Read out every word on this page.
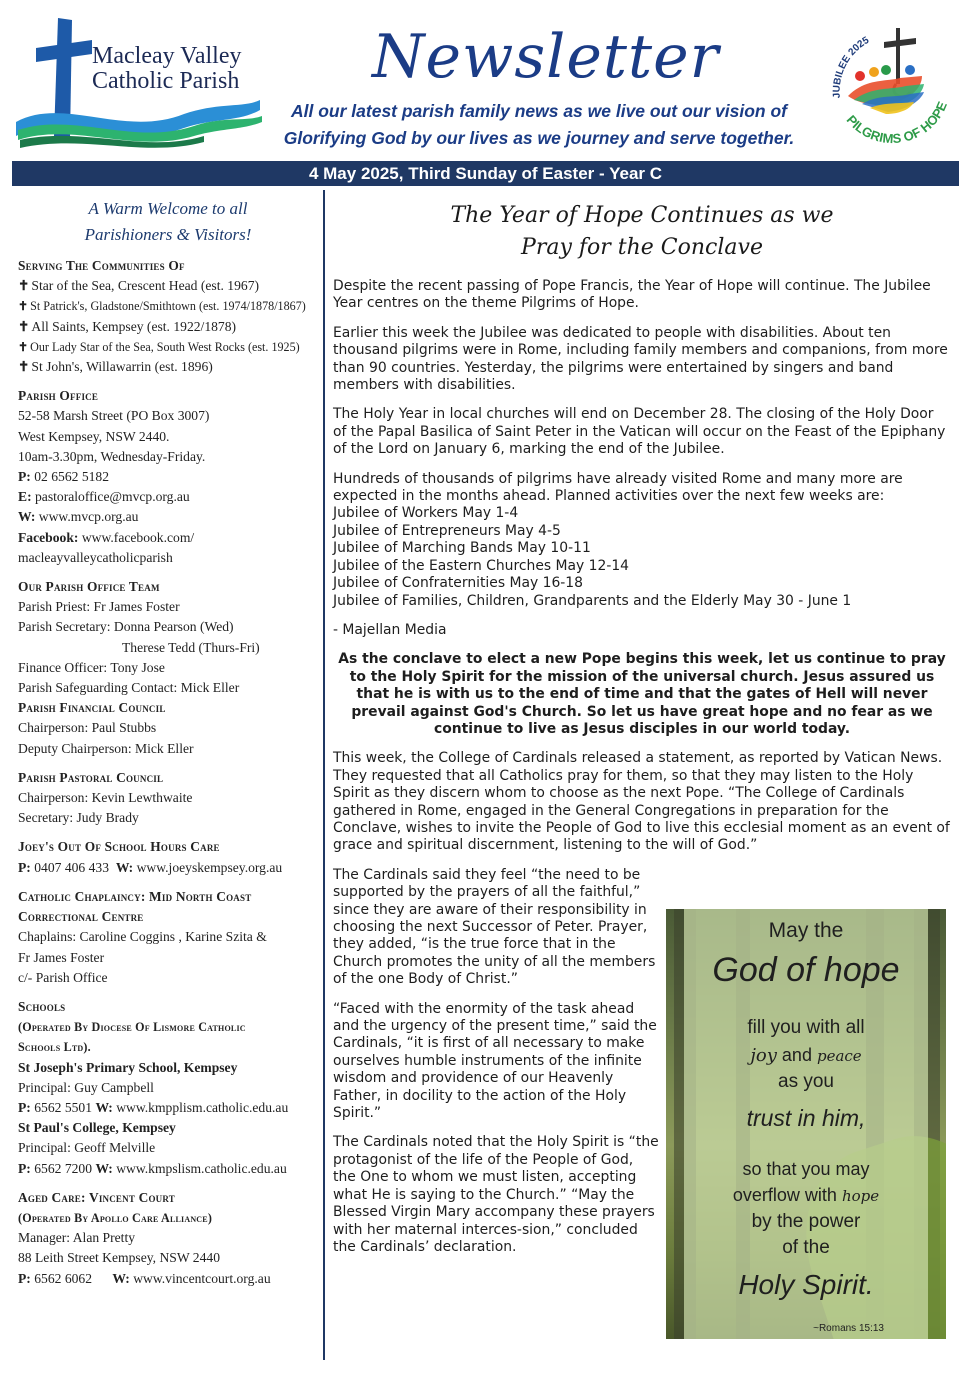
Macleay Valley
Catholic Parish Newsletter
All our latest parish family news as we live out our vision of
Glorifying God by our lives as we journey and serve together.
JUBILEE 2025
PILGRIMS OF HOPE
4 May 2025, Third Sunday of Easter - Year C
A Warm Welcome to all
Parishioners & Visitors!
Serving The Communities Of
✝ Star of the Sea, Crescent Head (est. 1967)
✝ St Patrick's, Gladstone/Smithtown (est. 1974/1878/1867)
✝ All Saints, Kempsey (est. 1922/1878)
✝ Our Lady Star of the Sea, South West Rocks (est. 1925)
✝ St John's, Willawarrin (est. 1896)
Parish Office
52-58 Marsh Street (PO Box 3007)
West Kempsey, NSW 2440.
10am-3.30pm, Wednesday-Friday.
P: 02 6562 5182
E: pastoraloffice@mvcp.org.au
W: www.mvcp.org.au
Facebook: www.facebook.com/
macleayvalleycatholicparish
Our Parish Office Team
Parish Priest: Fr James Foster
Parish Secretary: Donna Pearson (Wed)
Therese Tedd (Thurs-Fri)
Finance Officer: Tony Jose
Parish Safeguarding Contact: Mick Eller
Parish Financial Council
Chairperson: Paul Stubbs
Deputy Chairperson: Mick Eller
Parish Pastoral Council
Chairperson: Kevin Lewthwaite
Secretary: Judy Brady
Joey's Out Of School Hours Care
P: 0407 406 433 W: www.joeyskempsey.org.au
Catholic Chaplaincy: Mid North Coast
Correctional Centre
Chaplains: Caroline Coggins , Karine Szita &
Fr James Foster
c/- Parish Office
Schools
(Operated By Diocese Of Lismore Catholic
Schools Ltd).
St Joseph's Primary School, Kempsey
Principal: Guy Campbell
P: 6562 5501 W: www.kmpplism.catholic.edu.au
St Paul's College, Kempsey
Principal: Geoff Melville
P: 6562 7200 W: www.kmpslism.catholic.edu.au
Aged Care: Vincent Court
(Operated By Apollo Care Alliance)
Manager: Alan Pretty
88 Leith Street Kempsey, NSW 2440
P: 6562 6062 W: www.vincentcourt.org.au
The Year of Hope Continues as we
Pray for the Conclave

Despite the recent passing of Pope Francis, the Year of Hope will continue. The Jubilee Year centres on the theme Pilgrims of Hope.

Earlier this week the Jubilee was dedicated to people with disabilities. About ten thousand pilgrims were in Rome, including family members and companions, from more than 90 countries. Yesterday, the pilgrims were entertained by singers and band members with disabilities.

The Holy Year in local churches will end on December 28. The closing of the Holy Door of the Papal Basilica of Saint Peter in the Vatican will occur on the Feast of the Epiphany of the Lord on January 6, marking the end of the Jubilee.

Hundreds of thousands of pilgrims have already visited Rome and many more are expected in the months ahead. Planned activities over the next few weeks are:

Jubilee of Workers May 1-4
Jubilee of Entrepreneurs May 4-5
Jubilee of Marching Bands May 10-11
Jubilee of the Eastern Churches May 12-14
Jubilee of Confraternities May 16-18
Jubilee of Families, Children, Grandparents and the Elderly May 30 - June 1

- Majellan Media

As the conclave to elect a new Pope begins this week, let us continue to pray to the Holy Spirit for the mission of the universal church. Jesus assured us that he is with us to the end of time and that the gates of Hell will never prevail against God's Church. So let us have great hope and no fear as we continue to live as Jesus disciples in our world today.

This week, the College of Cardinals released a statement, as reported by Vatican News. They requested that all Catholics pray for them, so that they may listen to the Holy Spirit as they discern whom to choose as the next Pope. “The College of Cardinals gathered in Rome, engaged in the General Congregations in preparation for the Conclave, wishes to invite the People of God to live this ecclesial moment as an event of grace and spiritual discernment, listening to the will of God.”

The Cardinals said they feel “the need to be supported by the prayers of all the faithful,” since they are aware of their responsibility in choosing the next Successor of Peter. Prayer, they added, “is the true force that in the Church promotes the unity of all the members of the one Body of Christ.”

“Faced with the enormity of the task ahead and the urgency of the present time,” said the Cardinals, “it is first of all necessary to make ourselves humble instruments of the infinite wisdom and providence of our Heavenly Father, in docility to the action of the Holy Spirit.”

The Cardinals noted that the Holy Spirit is “the protagonist of the life of the People of God, the One to whom we must listen, accepting what He is saying to the Church.” “May the Blessed Virgin Mary accompany these prayers with her maternal interces-sion,” concluded the Cardinals’ declaration.

May the
God of hope
fill you with all
joy and peace
as you
trust in him,
so that you may
overflow with hope
by the power
of the
Holy Spirit.
~Romans 15:13
